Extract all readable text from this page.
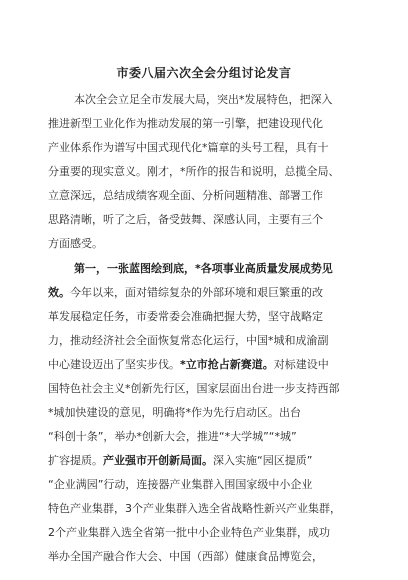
市委八届六次全会分组讨论发言
本次全会立足全市发展大局，突出*发展特色，把深入
推进新型工业化作为推动发展的第一引擎，把建设现代化
产业体系作为谱写中国式现代化*篇章的头号工程，具有十
分重要的现实意义。刚才，*所作的报告和说明，总揽全局、
立意深远，总结成绩客观全面、分析问题精准、部署工作
思路清晰，听了之后，备受鼓舞、深感认同，主要有三个
方面感受。
第一，一张蓝图绘到底，*各项事业高质量发展成势见
效。今年以来，面对错综复杂的外部环境和艰巨繁重的改
革发展稳定任务，市委常委会准确把握大势，坚守战略定
力，推动经济社会全面恢复常态化运行，中国*城和成渝副
中心建设迈出了坚实步伐。*立市抢占新赛道。对标建设中
国特色社会主义*创新先行区，国家层面出台进一步支持西部
*城加快建设的意见，明确将*作为先行启动区。出台
“科创十条”，举办*创新大会，推进“*大学城”“*城”
扩容提质。产业强市开创新局面。深入实施“园区提质”
“企业满园”行动，连接器产业集群入围国家级中小企业
特色产业集群，3个产业集群入选全省战略性新兴产业集群，
2个产业集群入选全省第一批中小企业特色产业集群，成功
举办全国产融合作大会、中国（西部）健康食品博览会，
